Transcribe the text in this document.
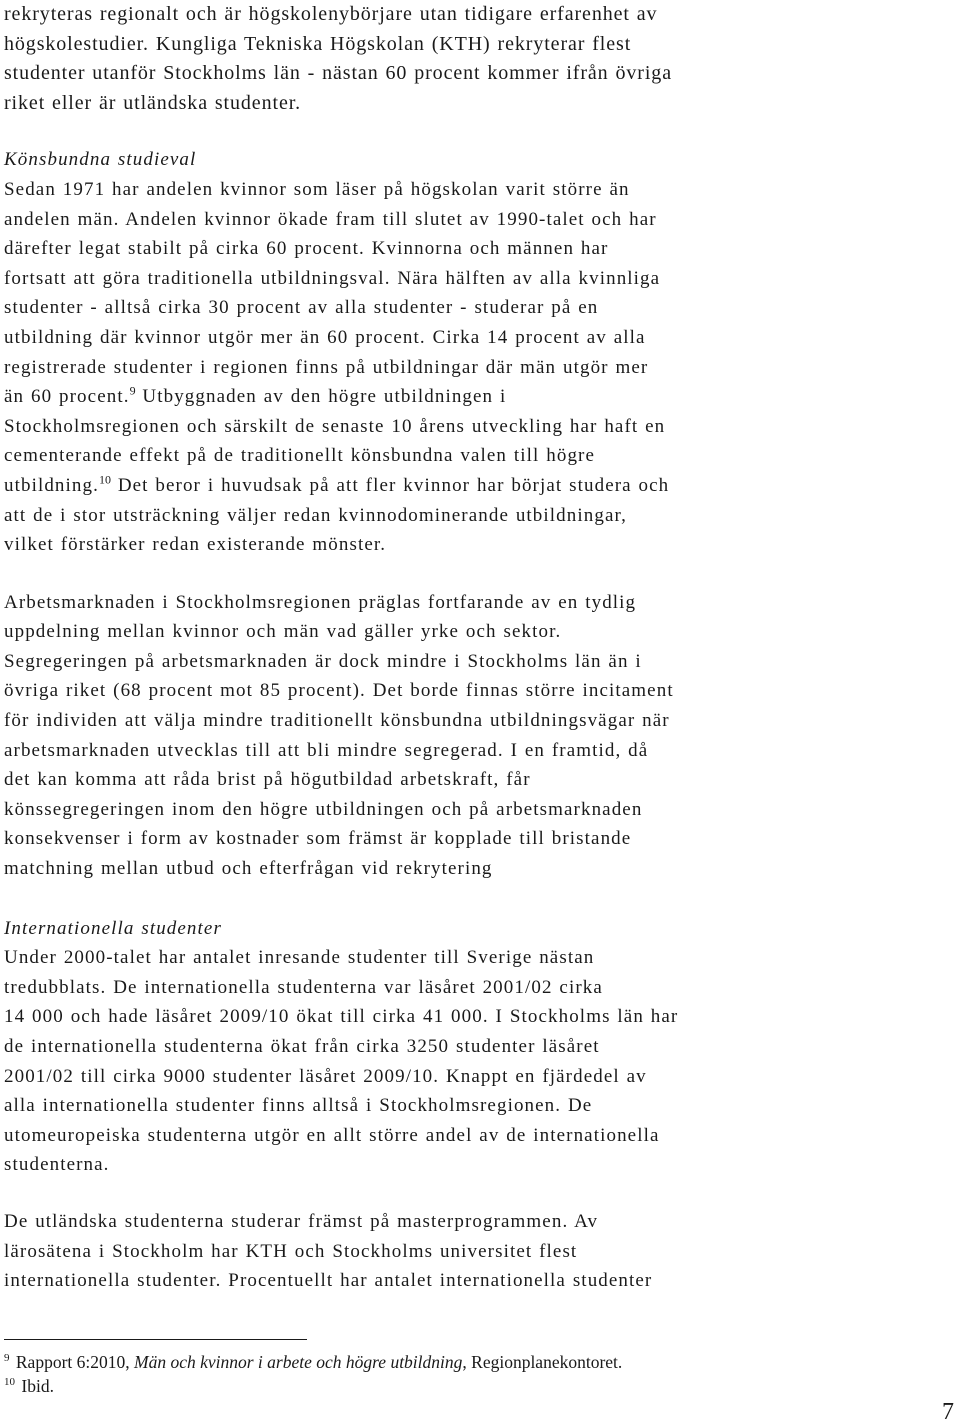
rekryteras regionalt och är högskolenybörjare utan tidigare erfarenhet av
högskolestudier. Kungliga Tekniska Högskolan (KTH) rekryterar flest
studenter utanför Stockholms län - nästan 60 procent kommer ifrån övriga
riket eller är utländska studenter.
Könsbundna studieval
Sedan 1971 har andelen kvinnor som läser på högskolan varit större än
andelen män. Andelen kvinnor ökade fram till slutet av 1990-talet och har
därefter legat stabilt på cirka 60 procent. Kvinnorna och männen har
fortsatt att göra traditionella utbildningsval. Nära hälften av alla kvinnliga
studenter - alltså cirka 30 procent av alla studenter - studerar på en
utbildning där kvinnor utgör mer än 60 procent. Cirka 14 procent av alla
registrerade studenter i regionen finns på utbildningar där män utgör mer
än 60 procent.$^9$ Utbyggnaden av den högre utbildningen i
Stockholmsregionen och särskilt de senaste 10 årens utveckling har haft en
cementerande effekt på de traditionellt könsbundna valen till högre
utbildning.$^{10}$ Det beror i huvudsak på att fler kvinnor har börjat studera och
att de i stor utsträckning väljer redan kvinnodominerande utbildningar,
vilket förstärker redan existerande mönster.
Arbetsmarknaden i Stockholmsregionen präglas fortfarande av en tydlig
uppdelning mellan kvinnor och män vad gäller yrke och sektor.
Segregeringen på arbetsmarknaden är dock mindre i Stockholms län än i
övriga riket (68 procent mot 85 procent). Det borde finnas större incitament
för individen att välja mindre traditionellt könsbundna utbildningsvägar när
arbetsmarknaden utvecklas till att bli mindre segregerad. I en framtid, då
det kan komma att råda brist på högutbildad arbetskraft, får
könssegregeringen inom den högre utbildningen och på arbetsmarknaden
konsekvenser i form av kostnader som främst är kopplade till bristande
matchning mellan utbud och efterfrågan vid rekrytering
Internationella studenter
Under 2000-talet har antalet inresande studenter till Sverige nästan
tredubblats. De internationella studenterna var läsåret 2001/02 cirka
14 000 och hade läsåret 2009/10 ökat till cirka 41 000. I Stockholms län har
de internationella studenterna ökat från cirka 3250 studenter läsåret
2001/02 till cirka 9000 studenter läsåret 2009/10. Knappt en fjärdedel av
alla internationella studenter finns alltså i Stockholmsregionen. De
utomeuropeiska studenterna utgör en allt större andel av de internationella
studenterna.
De utländska studenterna studerar främst på masterprogrammen. Av
lärosätena i Stockholm har KTH och Stockholms universitet flest
internationella studenter. Procentuellt har antalet internationella studenter
$^9$ Rapport 6:2010, Män och kvinnor i arbete och högre utbildning, Regionplanekontoret.
$^{10}$ Ibid.
7
